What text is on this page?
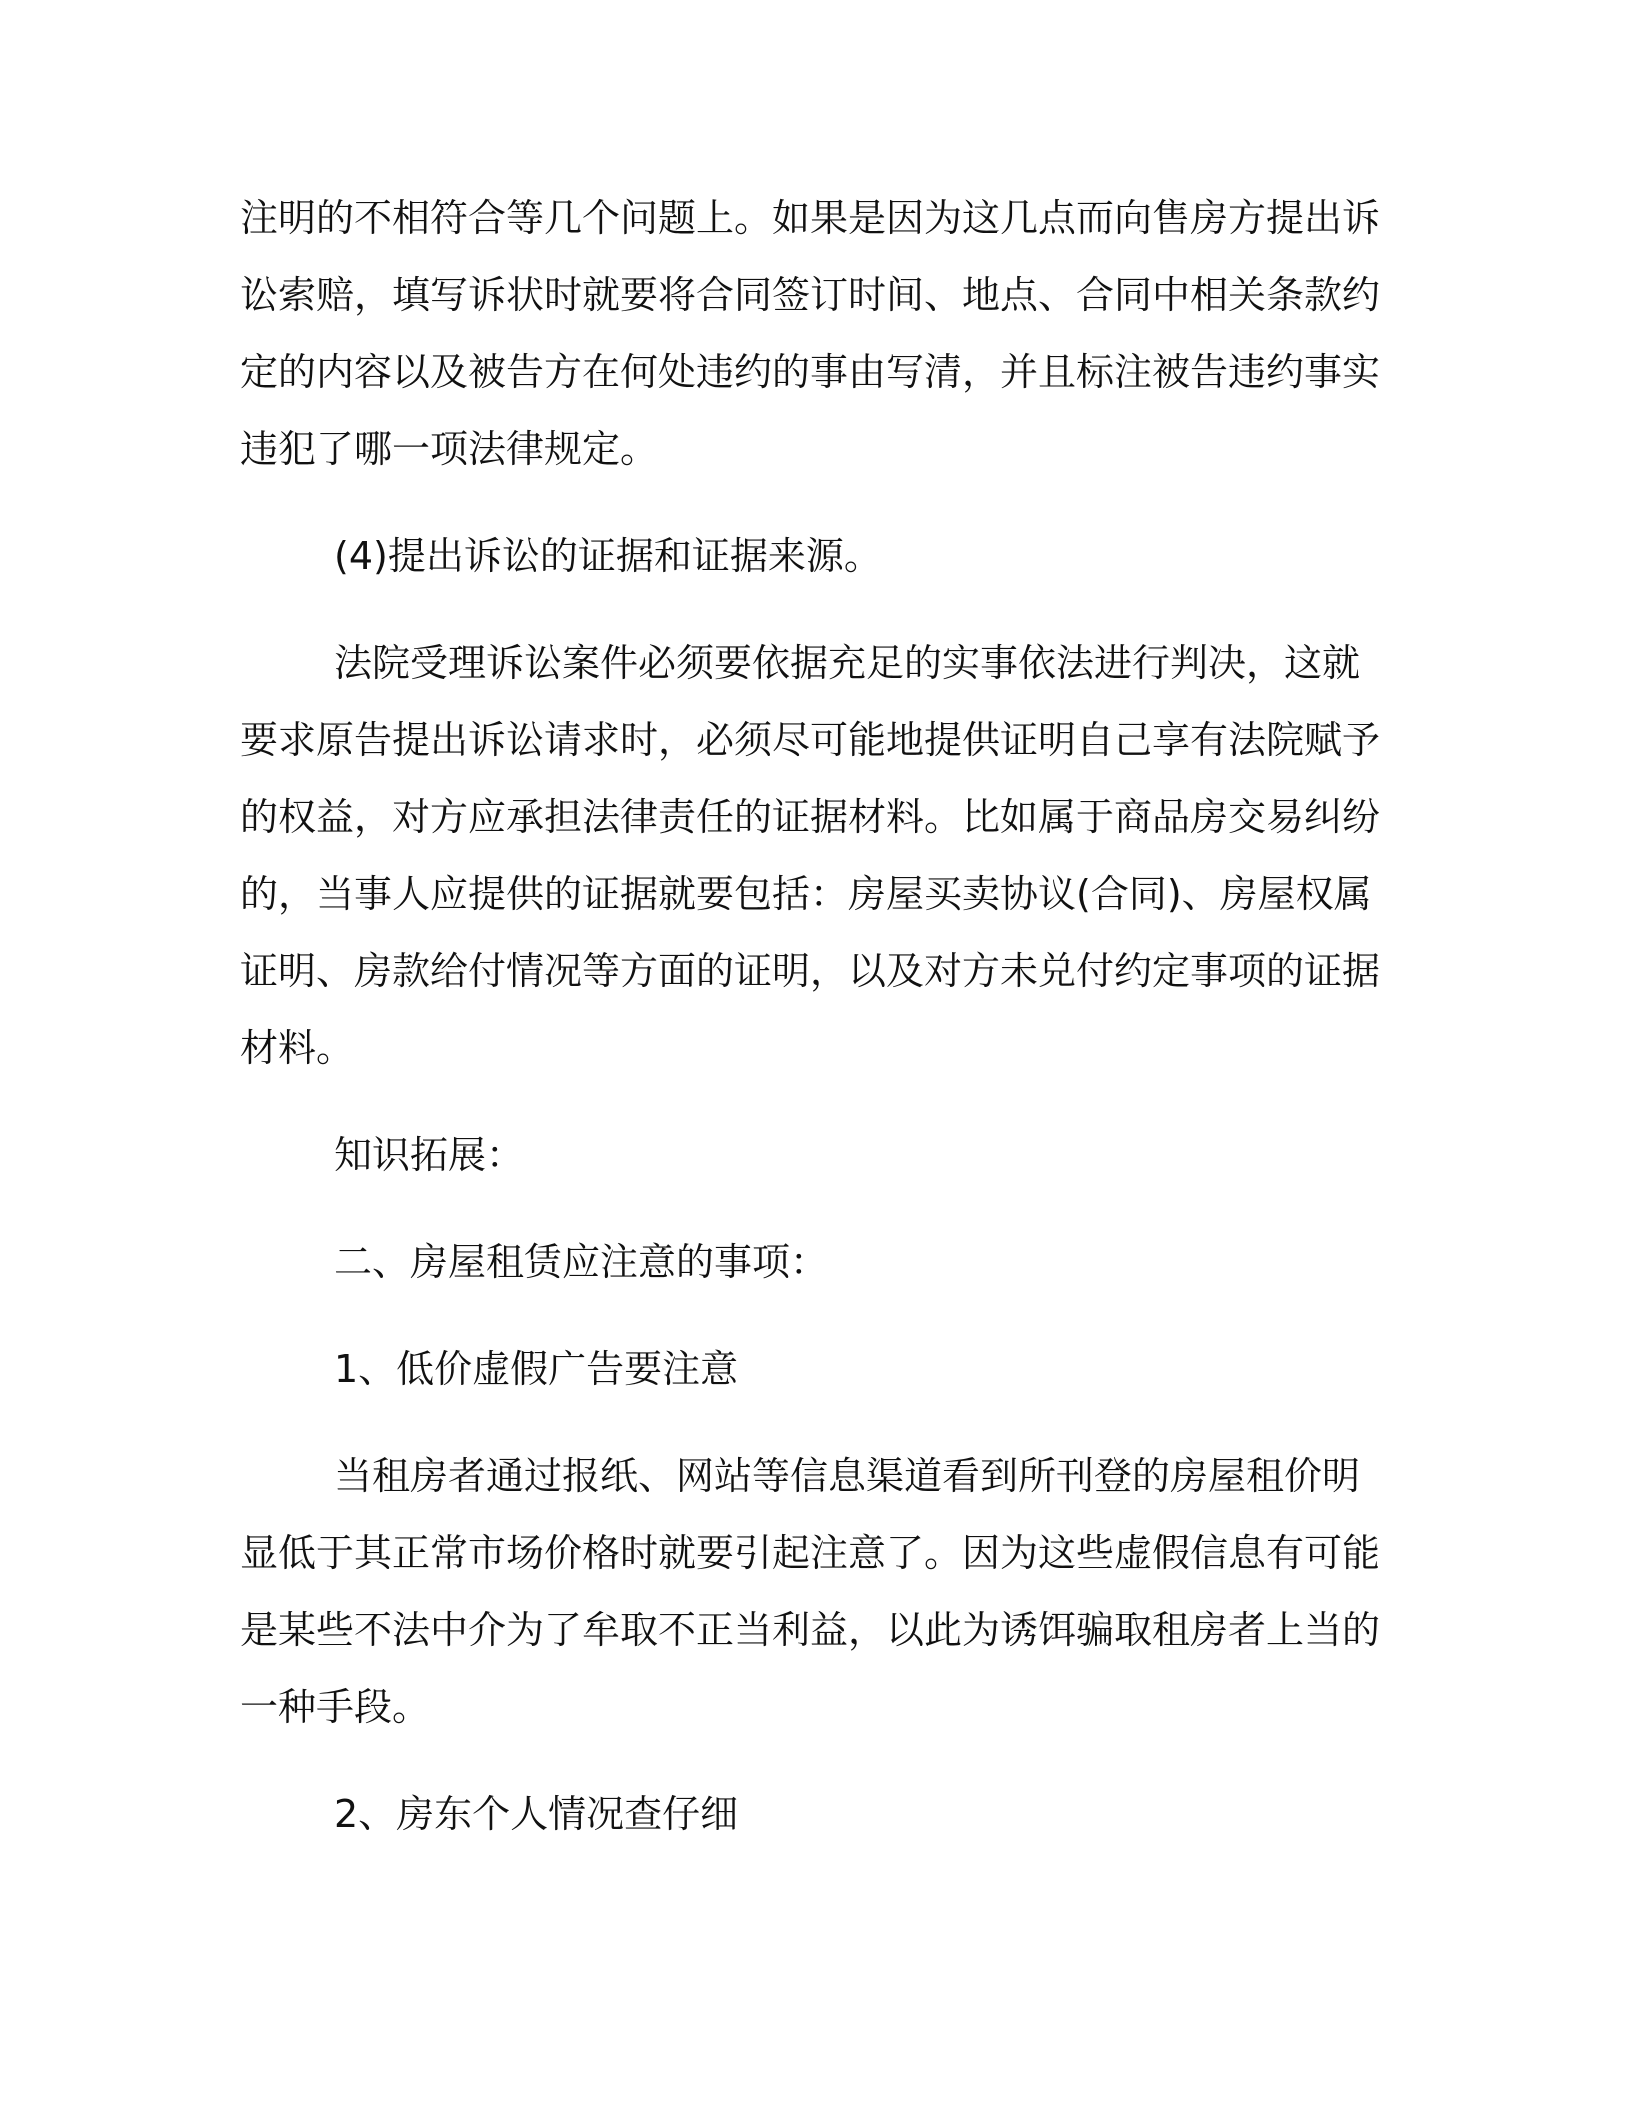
注明的不相符合等几个问题上。如果是因为这几点而向售房方提出诉讼索赔，填写诉状时就要将合同签订时间、地点、合同中相关条款约定的内容以及被告方在何处违约的事由写清，并且标注被告违约事实违犯了哪一项法律规定。

(4)提出诉讼的证据和证据来源。

法院受理诉讼案件必须要依据充足的实事依法进行判决，这就要求原告提出诉讼请求时，必须尽可能地提供证明自己享有法院赋予的权益，对方应承担法律责任的证据材料。比如属于商品房交易纠纷的，当事人应提供的证据就要包括：房屋买卖协议(合同)、房屋权属证明、房款给付情况等方面的证明，以及对方未兑付约定事项的证据材料。

知识拓展：

二、房屋租赁应注意的事项：

1、低价虚假广告要注意

当租房者通过报纸、网站等信息渠道看到所刊登的房屋租价明显低于其正常市场价格时就要引起注意了。因为这些虚假信息有可能是某些不法中介为了牟取不正当利益，以此为诱饵骗取租房者上当的一种手段。

2、房东个人情况查仔细
